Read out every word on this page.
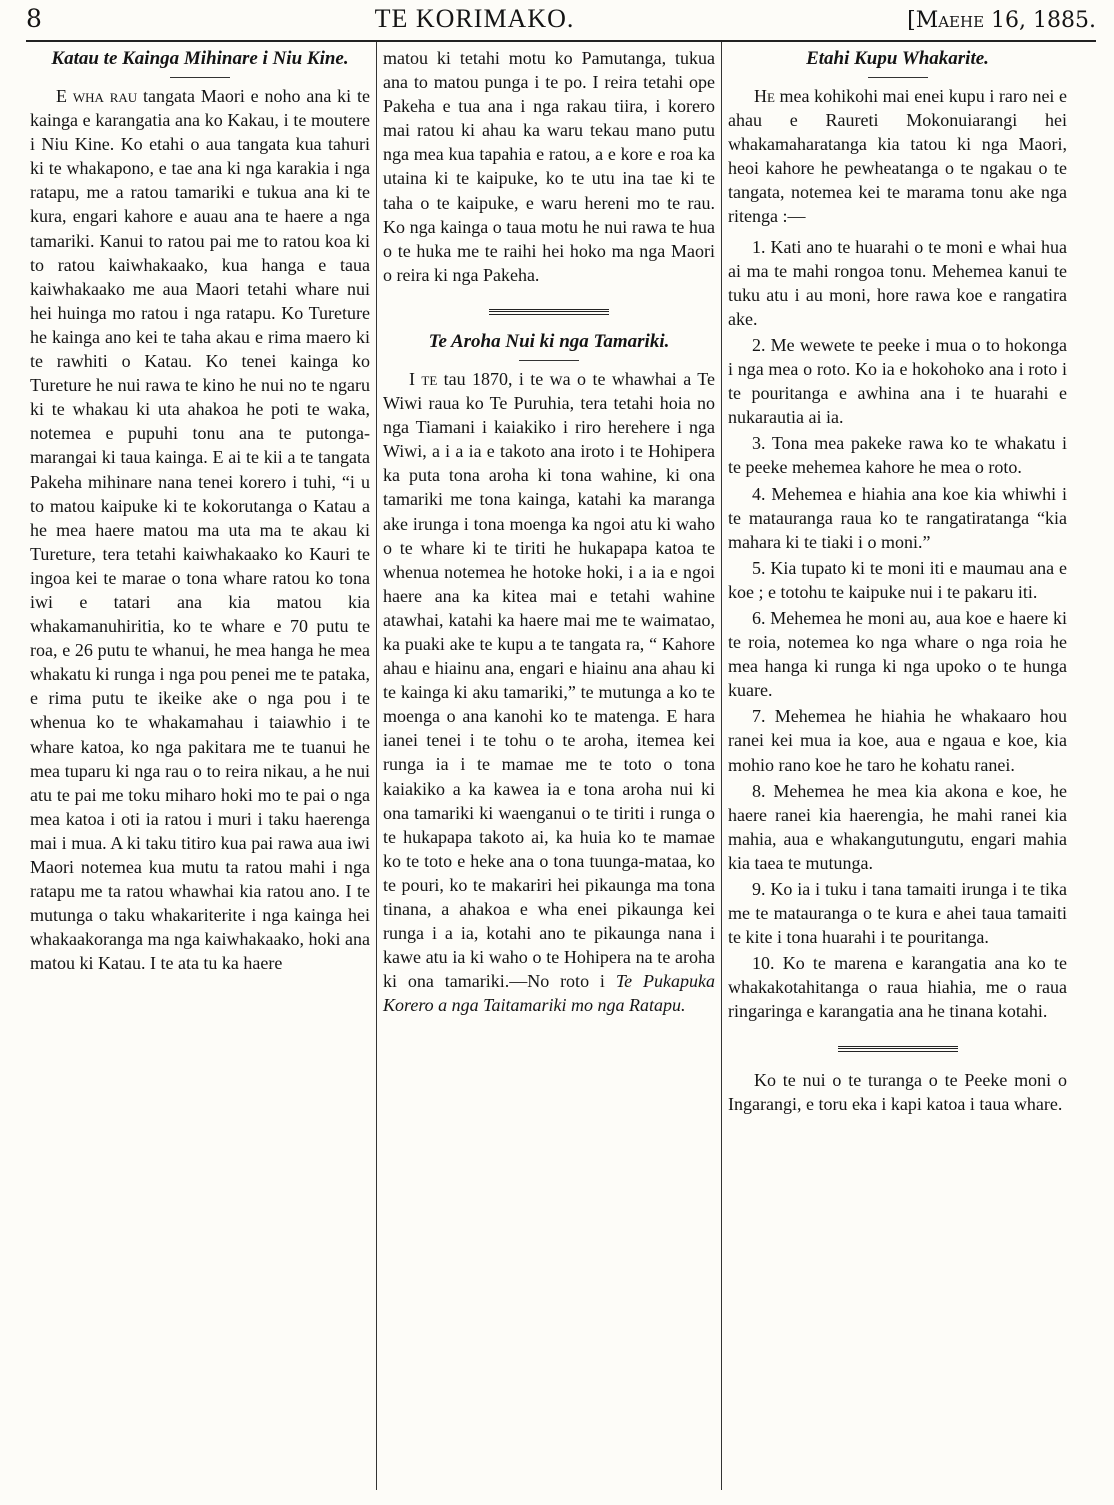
8	TE KORIMAKO.	[Maehe 16, 1885.
Katau te Kainga Mihinare i Niu Kine.

E wha rau tangata Maori e noho ana ki te kainga e karangatia ana ko Kakau, i te moutere i Niu Kine. Ko etahi o aua tangata kua tahuri ki te whakapono, e tae ana ki nga karakia i nga ratapu, me a ratou tamariki e tukua ana ki te kura, engari kahore e auau ana te haere a nga tamariki. Kanui to ratou pai me to ratou koa ki to ratou kaiwhakaako, kua hanga e taua kaiwhakaako me aua Maori tetahi whare nui hei huinga mo ratou i nga ratapu. Ko Tureture he kainga ano kei te taha akau e rima maero ki te rawhiti o Katau. Ko tenei kainga ko Tureture he nui rawa te kino he nui no te ngaru ki te whakau ki uta ahakoa he poti te waka, notemea e pupuhi tonu ana te putonga-marangai ki taua kainga. E ai te kii a te tangata Pakeha mihinare nana tenei korero i tuhi, “i u to matou kaipuke ki te kokorutanga o Katau a he mea haere matou ma uta ma te akau ki Tureture, tera tetahi kaiwhakaako ko Kauri te ingoa kei te marae o tona whare ratou ko tona iwi e tatari ana kia matou kia whakamanuhiritia, ko te whare e 70 putu te roa, e 26 putu te whanui, he mea hanga he mea whakatu ki runga i nga pou penei me te pataka, e rima putu te ikeike ake o nga pou i te whenua ko te whakamahau i taiawhio i te whare katoa, ko nga pakitara me te tuanui he mea tuparu ki nga rau o to reira nikau, a he nui atu te pai me toku miharo hoki mo te pai o nga mea katoa i oti ia ratou i muri i taku haerenga mai i mua. A ki taku titiro kua pai rawa aua iwi Maori notemea kua mutu ta ratou mahi i nga ratapu me ta ratou whawhai kia ratou ano. I te mutunga o taku whakariterite i nga kainga hei whakaakoranga ma nga kaiwhakaako, hoki ana matou ki Katau. I te ata tu ka haere

matou ki tetahi motu ko Pamutanga, tukua ana to matou punga i te po. I reira tetahi ope Pakeha e tua ana i nga rakau tiira, i korero mai ratou ki ahau ka waru tekau mano putu nga mea kua tapahia e ratou, a e kore e roa ka utaina ki te kaipuke, ko te utu ina tae ki te taha o te kaipuke, e waru hereni mo te rau. Ko nga kainga o taua motu he nui rawa te hua o te huka me te raihi hei hoko ma nga Maori o reira ki nga Pakeha.

Te Aroha Nui ki nga Tamariki.

I te tau 1870, i te wa o te whawhai a Te Wiwi raua ko Te Puruhia, tera tetahi hoia no nga Tiamani i kaiakiko i riro herehere i nga Wiwi, a i a ia e takoto ana iroto i te Hohipera ka puta tona aroha ki tona wahine, ki ona tamariki me tona kainga, katahi ka maranga ake irunga i tona moenga ka ngoi atu ki waho o te whare ki te tiriti he hukapapa katoa te whenua notemea he hotoke hoki, i a ia e ngoi haere ana ka kitea mai e tetahi wahine atawhai, katahi ka haere mai me te waimatao, ka puaki ake te kupu a te tangata ra, “ Kahore ahau e hiainu ana, engari e hiainu ana ahau ki te kainga ki aku tamariki,” te mutunga a ko te moenga o ana kanohi ko te matenga. E hara ianei tenei i te tohu o te aroha, itemea kei runga ia i te mamae me te toto o tona kaiakiko a ka kawea ia e tona aroha nui ki ona tamariki ki waenganui o te tiriti i runga o te hukapapa takoto ai, ka huia ko te mamae ko te toto e heke ana o tona tuunga-mataa, ko te pouri, ko te makariri hei pikaunga ma tona tinana, a ahakoa e wha enei pikaunga kei runga i a ia, kotahi ano te pikaunga nana i kawe atu ia ki waho o te Hohipera na te aroha ki ona tamariki.—No roto i Te Pukapuka Korero a nga Taitamariki mo nga Ratapu.

Etahi Kupu Whakarite.

He mea kohikohi mai enei kupu i raro nei e ahau e Raureti Mokonuiarangi hei whakamaharatanga kia tatou ki nga Maori, heoi kahore he pewheatanga o te ngakau o te tangata, notemea kei te marama tonu ake nga ritenga :—

1. Kati ano te huarahi o te moni e whai hua ai ma te mahi rongoa tonu. Mehemea kanui te tuku atu i au moni, hore rawa koe e rangatira ake.

2. Me wewete te peeke i mua o to hokonga i nga mea o roto. Ko ia e hokohoko ana i roto i te pouritanga e awhina ana i te huarahi e nukarautia ai ia.

3. Tona mea pakeke rawa ko te whakatu i te peeke mehemea kahore he mea o roto.

4. Mehemea e hiahia ana koe kia whiwhi i te matauranga raua ko te rangatiratanga “kia mahara ki te tiaki i o moni.”

5. Kia tupato ki te moni iti e maumau ana e koe ; e totohu te kaipuke nui i te pakaru iti.

6. Mehemea he moni au, aua koe e haere ki te roia, notemea ko nga whare o nga roia he mea hanga ki runga ki nga upoko o te hunga kuare.

7. Mehemea he hiahia he whakaaro hou ranei kei mua ia koe, aua e ngaua e koe, kia mohio rano koe he taro he kohatu ranei.

8. Mehemea he mea kia akona e koe, he haere ranei kia haerengia, he mahi ranei kia mahia, aua e whakangutungutu, engari mahia kia taea te mutunga.

9. Ko ia i tuku i tana tamaiti irunga i te tika me te matauranga o te kura e ahei taua tamaiti te kite i tona huarahi i te pouritanga.

10. Ko te marena e karangatia ana ko te whakakotahitanga o raua hiahia, me o raua ringaringa e karangatia ana he tinana kotahi.

Ko te nui o te turanga o te Peeke moni o Ingarangi, e toru eka i kapi katoa i taua whare.
